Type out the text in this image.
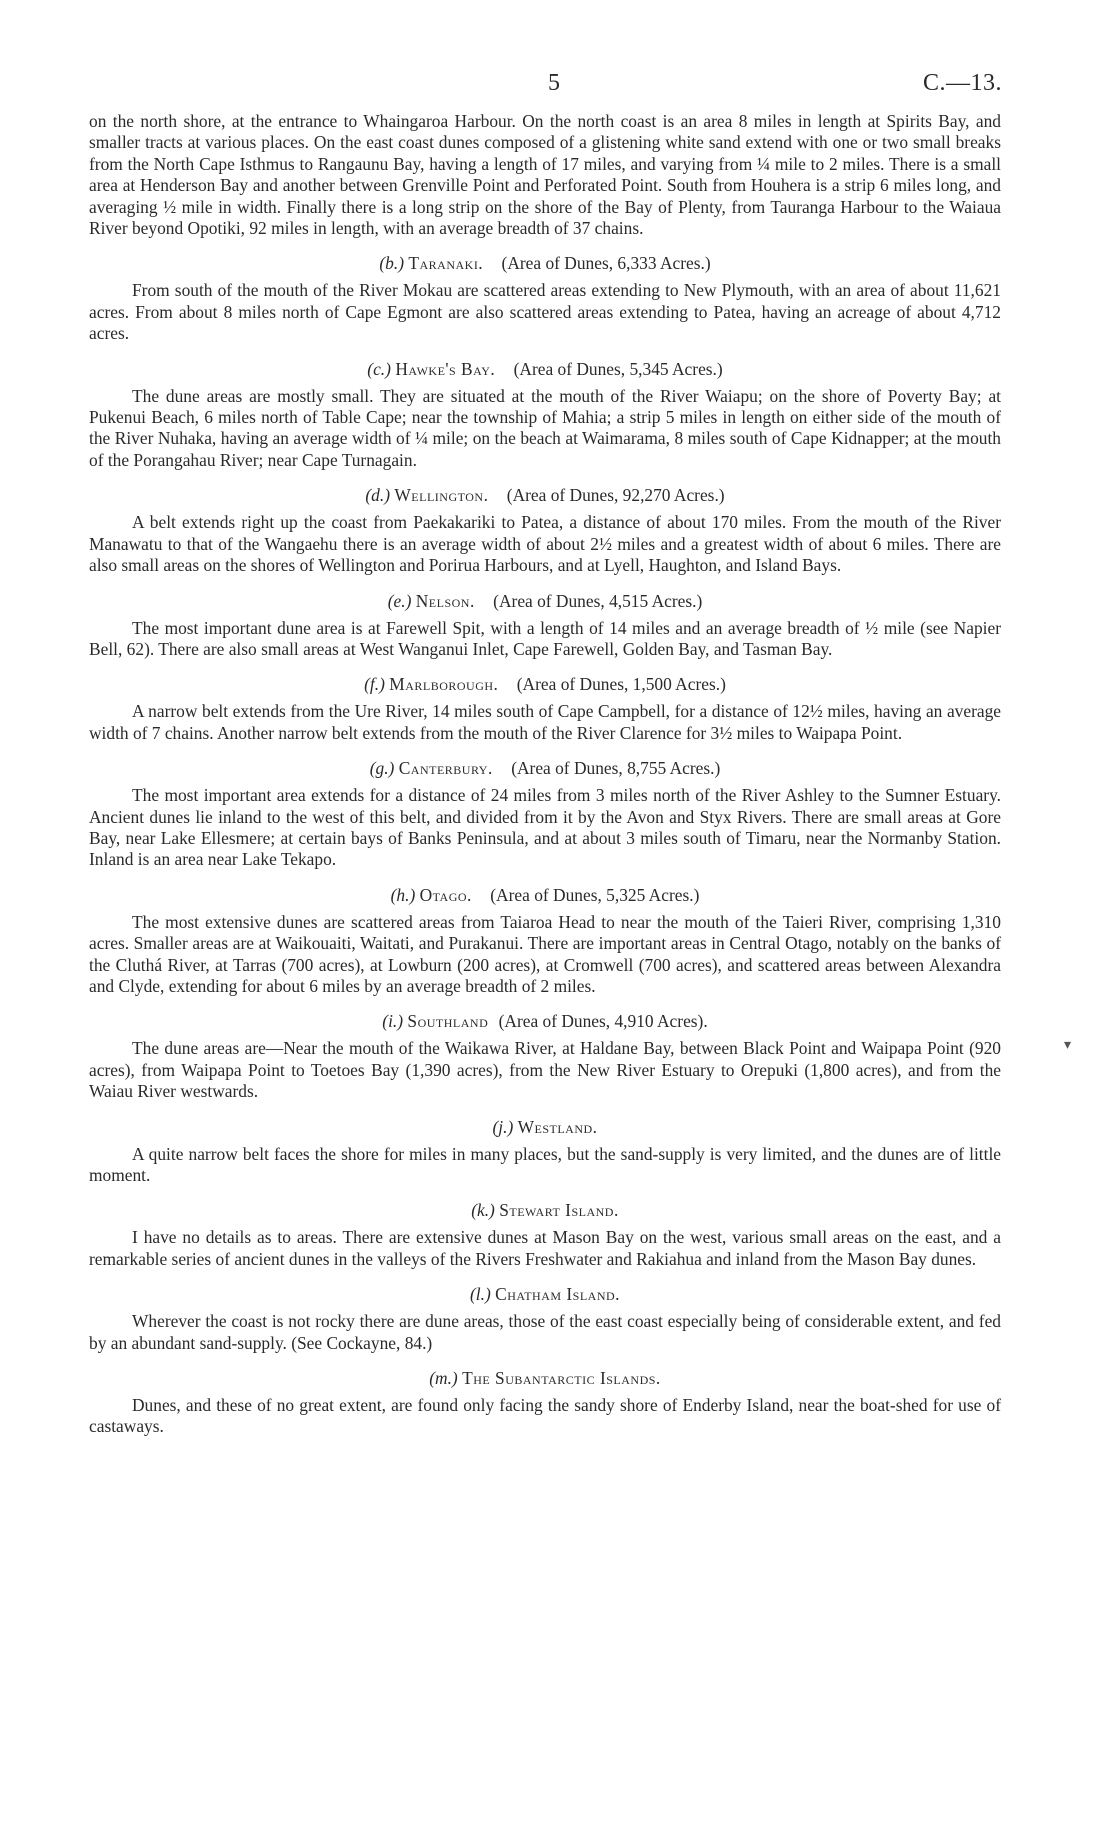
5	C.—13.
▾

on the north shore, at the entrance to Whaingaroa Harbour. On the north coast is an area 8 miles in length at Spirits Bay, and smaller tracts at various places. On the east coast dunes composed of a glistening white sand extend with one or two small breaks from the North Cape Isthmus to Rangaunu Bay, having a length of 17 miles, and varying from ¼ mile to 2 miles. There is a small area at Henderson Bay and another between Grenville Point and Perforated Point. South from Houhera is a strip 6 miles long, and averaging ½ mile in width. Finally there is a long strip on the shore of the Bay of Plenty, from Tauranga Harbour to the Waiaua River beyond Opotiki, 92 miles in length, with an average breadth of 37 chains.

(b.) Taranaki. (Area of Dunes, 6,333 Acres.)

From south of the mouth of the River Mokau are scattered areas extending to New Plymouth, with an area of about 11,621 acres. From about 8 miles north of Cape Egmont are also scattered areas extending to Patea, having an acreage of about 4,712 acres.

(c.) Hawke's Bay. (Area of Dunes, 5,345 Acres.)

The dune areas are mostly small. They are situated at the mouth of the River Waiapu; on the shore of Poverty Bay; at Pukenui Beach, 6 miles north of Table Cape; near the township of Mahia; a strip 5 miles in length on either side of the mouth of the River Nuhaka, having an average width of ¼ mile; on the beach at Waimarama, 8 miles south of Cape Kidnapper; at the mouth of the Porangahau River; near Cape Turnagain.

(d.) Wellington. (Area of Dunes, 92,270 Acres.)

A belt extends right up the coast from Paekakariki to Patea, a distance of about 170 miles. From the mouth of the River Manawatu to that of the Wangaehu there is an average width of about 2½ miles and a greatest width of about 6 miles. There are also small areas on the shores of Wellington and Porirua Harbours, and at Lyell, Haughton, and Island Bays.

(e.) Nelson. (Area of Dunes, 4,515 Acres.)

The most important dune area is at Farewell Spit, with a length of 14 miles and an average breadth of ½ mile (see Napier Bell, 62). There are also small areas at West Wanganui Inlet, Cape Farewell, Golden Bay, and Tasman Bay.

(f.) Marlborough. (Area of Dunes, 1,500 Acres.)

A narrow belt extends from the Ure River, 14 miles south of Cape Campbell, for a distance of 12½ miles, having an average width of 7 chains. Another narrow belt extends from the mouth of the River Clarence for 3½ miles to Waipapa Point.

(g.) Canterbury. (Area of Dunes, 8,755 Acres.)

The most important area extends for a distance of 24 miles from 3 miles north of the River Ashley to the Sumner Estuary. Ancient dunes lie inland to the west of this belt, and divided from it by the Avon and Styx Rivers. There are small areas at Gore Bay, near Lake Ellesmere; at certain bays of Banks Peninsula, and at about 3 miles south of Timaru, near the Normanby Station. Inland is an area near Lake Tekapo.

(h.) Otago. (Area of Dunes, 5,325 Acres.)

The most extensive dunes are scattered areas from Taiaroa Head to near the mouth of the Taieri River, comprising 1,310 acres. Smaller areas are at Waikouaiti, Waitati, and Purakanui. There are important areas in Central Otago, notably on the banks of the Cluthá River, at Tarras (700 acres), at Lowburn (200 acres), at Cromwell (700 acres), and scattered areas between Alexandra and Clyde, extending for about 6 miles by an average breadth of 2 miles.

(i.) Southland (Area of Dunes, 4,910 Acres).

The dune areas are—Near the mouth of the Waikawa River, at Haldane Bay, between Black Point and Waipapa Point (920 acres), from Waipapa Point to Toetoes Bay (1,390 acres), from the New River Estuary to Orepuki (1,800 acres), and from the Waiau River westwards.

(j.) Westland.

A quite narrow belt faces the shore for miles in many places, but the sand-supply is very limited, and the dunes are of little moment.

(k.) Stewart Island.

I have no details as to areas. There are extensive dunes at Mason Bay on the west, various small areas on the east, and a remarkable series of ancient dunes in the valleys of the Rivers Freshwater and Rakiahua and inland from the Mason Bay dunes.

(l.) Chatham Island.

Wherever the coast is not rocky there are dune areas, those of the east coast especially being of considerable extent, and fed by an abundant sand-supply. (See Cockayne, 84.)

(m.) The Subantarctic Islands.

Dunes, and these of no great extent, are found only facing the sandy shore of Enderby Island, near the boat-shed for use of castaways.
